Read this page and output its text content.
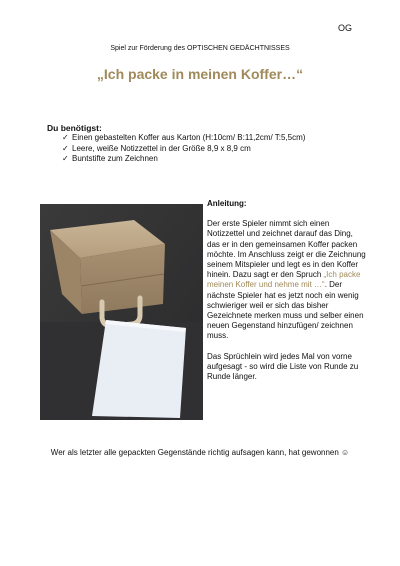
OG
Spiel zur Förderung des OPTISCHEN GEDÄCHTNISSES
„Ich packe in meinen Koffer…“
Du benötigst:
✓ Einen gebastelten Koffer aus Karton (H:10cm/ B:11,2cm/ T:5,5cm)
✓ Leere, weiße Notizzettel in der Größe 8,9 x 8,9 cm
✓ Buntstifte zum Zeichnen
Anleitung:

Der erste Spieler nimmt sich einen Notizzettel und zeichnet darauf das Ding, das er in den gemeinsamen Koffer packen möchte. Im Anschluss zeigt er die Zeichnung seinem Mitspieler und legt es in den Koffer hinein. Dazu sagt er den Spruch „Ich packe meinen Koffer und nehme mit …“. Der nächste Spieler hat es jetzt noch ein wenig schwieriger weil er sich das bisher Gezeichnete merken muss und selber einen neuen Gegenstand hinzufügen/ zeichnen muss.

Das Sprüchlein wird jedes Mal von vorne aufgesagt - so wird die Liste von Runde zu Runde länger.

Wer als letzter alle gepackten Gegenstände richtig aufsagen kann, hat gewonnen ☺
